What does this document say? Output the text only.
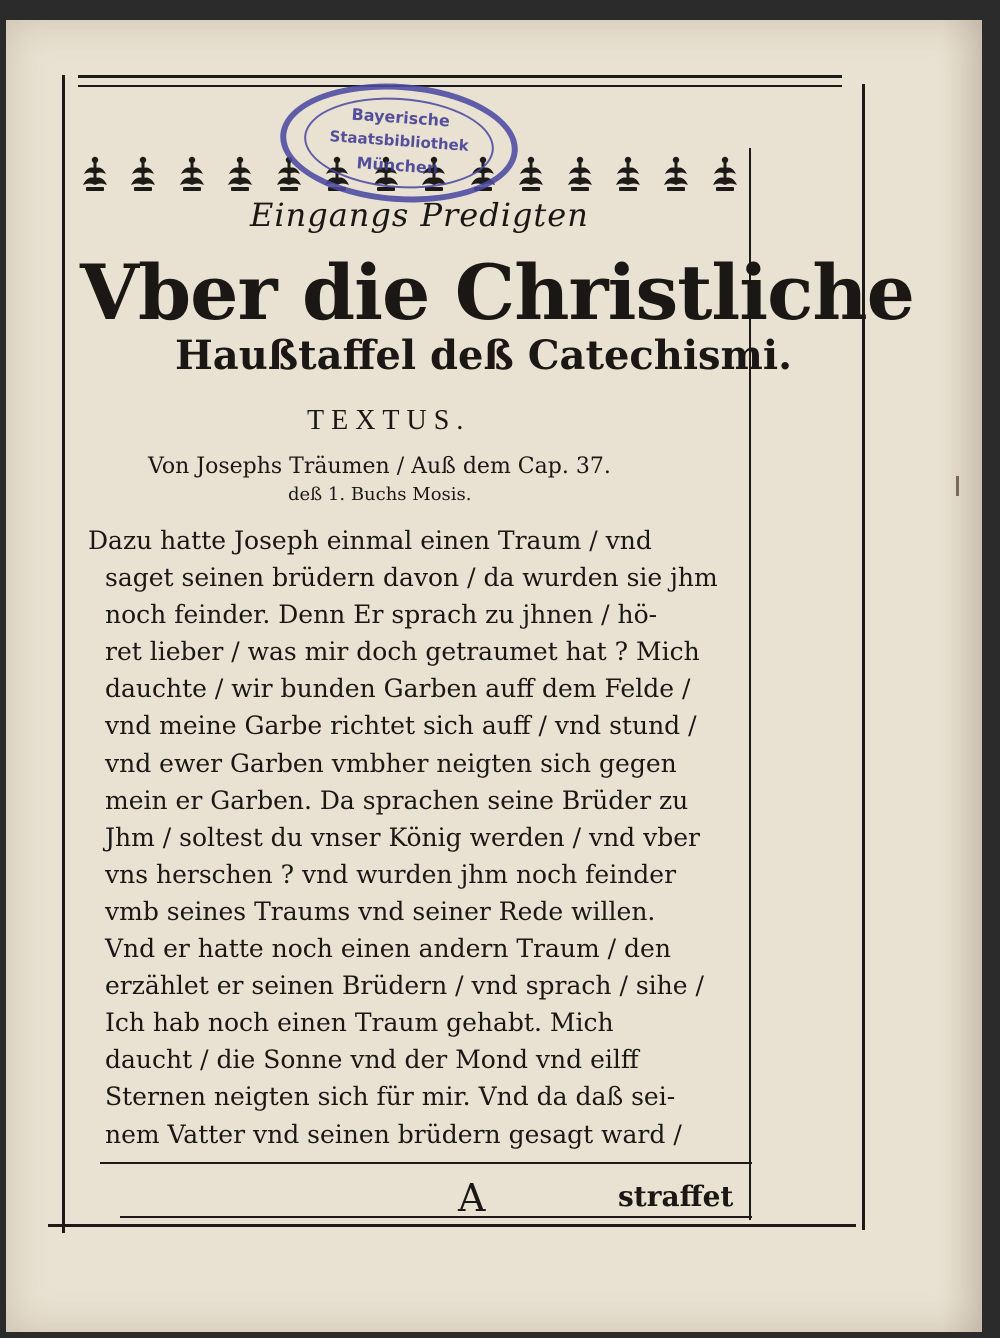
Bayerische
Staatsbibliothek
München
Eingangs Predigten
Vber die Christliche
Haußtaffel deß Catechismi.
TEXTUS.
Von Josephs Träumen / Auß dem Cap. 37.
deß 1. Buchs Mosis.
Dazu hatte Joseph einmal einen Traum / vnd
saget seinen brüdern davon / da wurden sie jhm
noch feinder. Denn Er sprach zu jhnen / hö-
ret lieber / was mir doch getraumet hat ? Mich
dauchte / wir bunden Garben auff dem Felde /
vnd meine Garbe richtet sich auff / vnd stund /
vnd ewer Garben vmbher neigten sich gegen
mein er Garben. Da sprachen seine Brüder zu
Jhm / soltest du vnser König werden / vnd vber
vns herschen ? vnd wurden jhm noch feinder
vmb seines Traums vnd seiner Rede willen.
Vnd er hatte noch einen andern Traum / den
erzählet er seinen Brüdern / vnd sprach / sihe /
Ich hab noch einen Traum gehabt. Mich
daucht / die Sonne vnd der Mond vnd eilff
Sternen neigten sich für mir. Vnd da daß sei-
nem Vatter vnd seinen brüdern gesagt ward /
A	straffet
